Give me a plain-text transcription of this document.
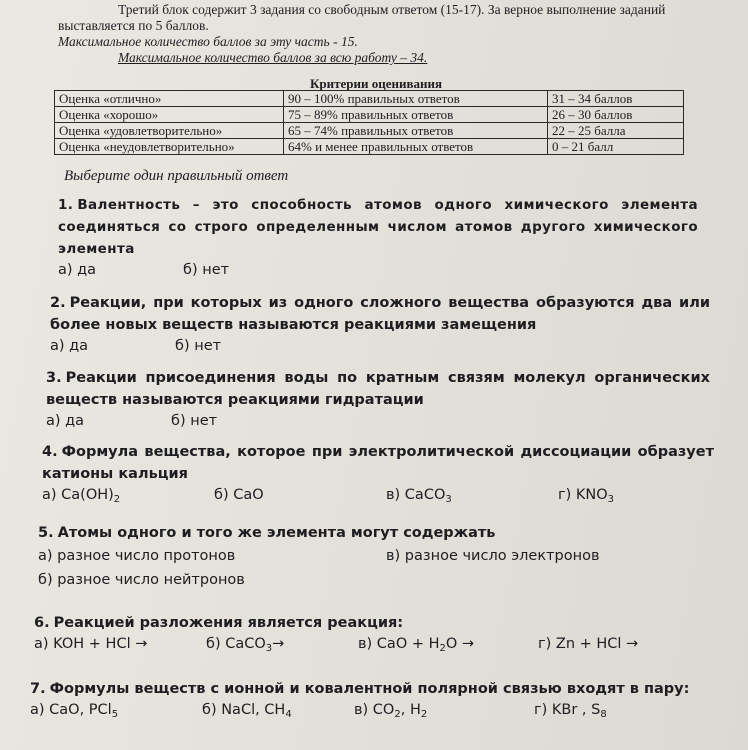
Третий блок содержит 3 задания со свободным ответом (15-17). За верное выполнение заданий выставляется по 5 баллов.

Максимальное количество баллов за эту часть - 15.

Максимальное количество баллов за всю работу – 34.

Критерии оценивания
Оценка «отлично»	90 – 100% правильных ответов	31 – 34 баллов
Оценка «хорошо»	75 – 89% правильных ответов	26 – 30 баллов
Оценка «удовлетворительно»	65 – 74% правильных ответов	22 – 25 балла
Оценка «неудовлетворительно»	64% и менее правильных ответов	0 – 21 балл
Выберите один правильный ответ

1. Валентность – это способность атомов одного химического элемента соединяться со строго определенным числом атомов другого химического элемента

а) да	б) нет

2. Реакции, при которых из одного сложного вещества образуются два или более новых веществ называются реакциями замещения

а) да	б) нет

3. Реакции присоединения воды по кратным связям молекул органических веществ называются реакциями гидратации

а) да	б) нет

4. Формула вещества, которое при электролитической диссоциации образует катионы кальция

а) $Ca(OH)_2$	б) CaO	в) CaCO$_3$	г) $KNO_3$

5. Атомы одного и того же элемента могут содержать

а) разное число протонов	в) разное число электронов
б) разное число нейтронов

6. Реакцией разложения является реакция:

а) KOH + HCl →	б) CaCO$_3$→	в) CaO + $H_2O$ →	г) Zn + HCl →

7. Формулы веществ с ионной и ковалентной полярной связью входят в пару:

а) CaO, PCl$_5$	б) NaCl, $CH_4$	в) $CO_2$, $H_2$	г) KBr , $S_8$
